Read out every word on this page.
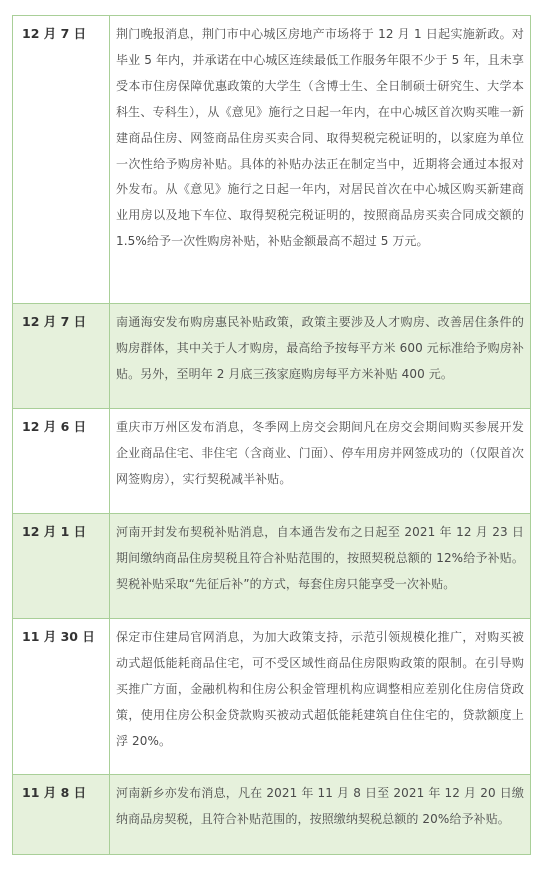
12 月 7 日	荆门晚报消息，荆门市中心城区房地产市场将于 12 月 1 日起实施新政。对毕业 5 年内，并承诺在中心城区连续最低工作服务年限不少于 5 年，且未享受本市住房保障优惠政策的大学生（含博士生、全日制硕士研究生、大学本科生、专科生），从《意见》施行之日起一年内，在中心城区首次购买唯一新建商品住房、网签商品住房买卖合同、取得契税完税证明的，以家庭为单位一次性给予购房补贴。具体的补贴办法正在制定当中，近期将会通过本报对外发布。从《意见》施行之日起一年内，对居民首次在中心城区购买新建商业用房以及地下车位、取得契税完税证明的，按照商品房买卖合同成交额的 1.5%给予一次性购房补贴，补贴金额最高不超过 5 万元。
12 月 7 日	南通海安发布购房惠民补贴政策，政策主要涉及人才购房、改善居住条件的购房群体，其中关于人才购房，最高给予按每平方米 600 元标准给予购房补贴。另外，至明年 2 月底三孩家庭购房每平方米补贴 400 元。
12 月 6 日	重庆市万州区发布消息，冬季网上房交会期间凡在房交会期间购买参展开发企业商品住宅、非住宅（含商业、门面）、停车用房并网签成功的（仅限首次网签购房），实行契税减半补贴。
12 月 1 日	河南开封发布契税补贴消息，自本通告发布之日起至 2021 年 12 月 23 日期间缴纳商品住房契税且符合补贴范围的，按照契税总额的 12%给予补贴。契税补贴采取“先征后补”的方式，每套住房只能享受一次补贴。
11 月 30 日	保定市住建局官网消息，为加大政策支持，示范引领规模化推广，对购买被动式超低能耗商品住宅，可不受区域性商品住房限购政策的限制。在引导购买推广方面，金融机构和住房公积金管理机构应调整相应差别化住房信贷政策，使用住房公积金贷款购买被动式超低能耗建筑自住住宅的，贷款额度上浮 20%。
11 月 8 日	河南新乡亦发布消息，凡在 2021 年 11 月 8 日至 2021 年 12 月 20 日缴纳商品房契税，且符合补贴范围的，按照缴纳契税总额的 20%给予补贴。
